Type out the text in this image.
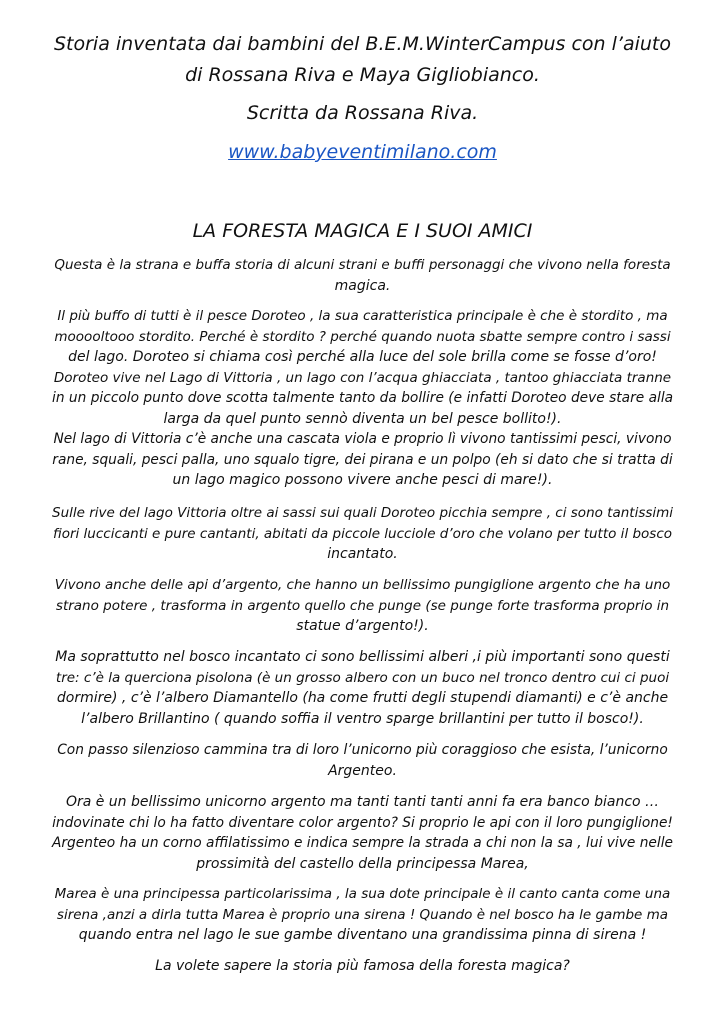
Storia inventata dai bambini del B.E.M.WinterCampus con l’aiuto
di Rossana Riva e Maya Gigliobianco.
Scritta da Rossana Riva.
www.babyeventimilano.com
LA FORESTA MAGICA E I SUOI AMICI
Questa è la strana e buffa storia di alcuni strani e buffi personaggi che vivono nella foresta
magica.
Il più buffo di tutti è il pesce Doroteo , la sua caratteristica principale è che è stordito , ma
mooooltooo stordito. Perché è stordito ? perché quando nuota sbatte sempre contro i sassi
del lago. Doroteo si chiama così perché alla luce del sole brilla come se fosse d’oro!
Doroteo vive nel Lago di Vittoria , un lago con l’acqua ghiacciata , tantoo ghiacciata tranne
in un piccolo punto dove scotta talmente tanto da bollire (e infatti Doroteo deve stare alla
larga da quel punto sennò diventa un bel pesce bollito!).
Nel lago di Vittoria c’è anche una cascata viola e proprio lì vivono tantissimi pesci, vivono
rane, squali, pesci palla, uno squalo tigre, dei pirana e un polpo (eh si dato che si tratta di
un lago magico possono vivere anche pesci di mare!).
Sulle rive del lago Vittoria oltre ai sassi sui quali Doroteo picchia sempre , ci sono tantissimi
fiori luccicanti e pure cantanti, abitati da piccole lucciole d’oro che volano per tutto il bosco
incantato.
Vivono anche delle api d’argento, che hanno un bellissimo pungiglione argento che ha uno
strano potere , trasforma in argento quello che punge (se punge forte trasforma proprio in
statue d’argento!).
Ma soprattutto nel bosco incantato ci sono bellissimi alberi ,i più importanti sono questi
tre: c’è la querciona pisolona (è un grosso albero con un buco nel tronco dentro cui ci puoi
dormire) , c’è l’albero Diamantello (ha come frutti degli stupendi diamanti) e c’è anche
l’albero Brillantino ( quando soffia il ventro sparge brillantini per tutto il bosco!).
Con passo silenzioso cammina tra di loro l’unicorno più coraggioso che esista, l’unicorno
Argenteo.
Ora è un bellissimo unicorno argento ma tanti tanti tanti anni fa era banco bianco …
indovinate chi lo ha fatto diventare color argento? Si proprio le api con il loro pungiglione!
Argenteo ha un corno affilatissimo e indica sempre la strada a chi non la sa , lui vive nelle
prossimità del castello della principessa Marea,
Marea è una principessa particolarissima , la sua dote principale è il canto canta come una
sirena ,anzi a dirla tutta Marea è proprio una sirena ! Quando è nel bosco ha le gambe ma
quando entra nel lago le sue gambe diventano una grandissima pinna di sirena !
La volete sapere la storia più famosa della foresta magica?
